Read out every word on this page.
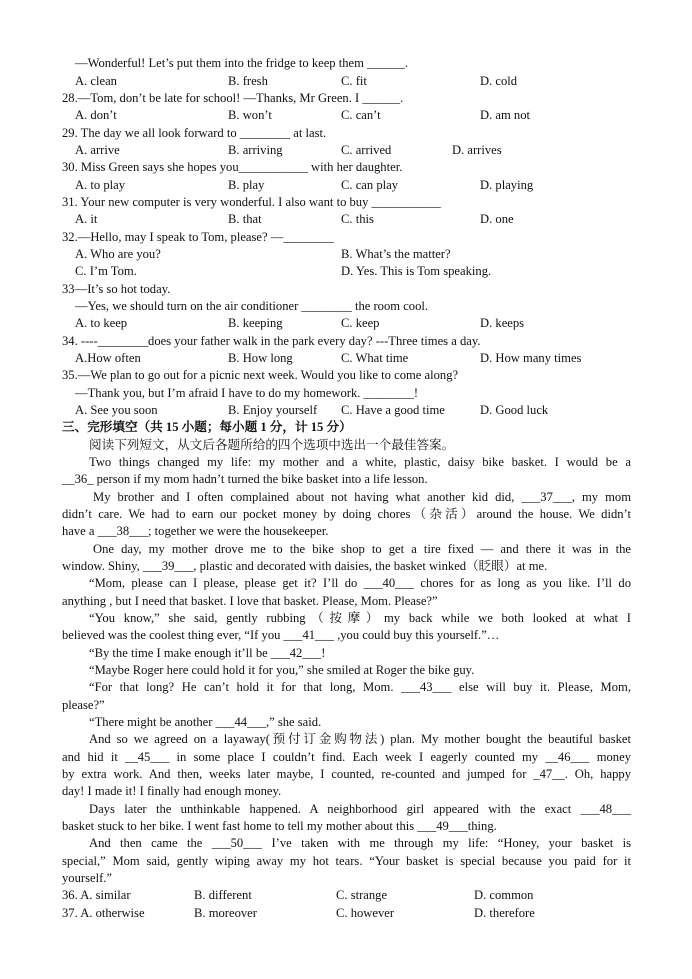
—Wonderful! Let’s put them into the fridge to keep them ______.
A. clean	B. fresh	C. fit	D. cold
28.—Tom, don’t be late for school! —Thanks, Mr Green. I ______.
A. don’t	B. won’t	C. can’t	D. am not
29. The day we all look forward to ________ at last.
A. arrive	B. arriving	C. arrived	D. arrives
30. Miss Green says she hopes you___________ with her daughter.
A. to play	B. play	C. can play	D. playing
31. Your new computer is very wonderful. I also want to buy ___________
A. it	B. that	C. this	D. one
32.—Hello, may I speak to Tom, please? —________
A. Who are you?	B. What’s the matter?
C. I’m Tom.	D. Yes. This is Tom speaking.
33—It’s so hot today.
—Yes, we should turn on the air conditioner ________ the room cool.
A. to keep	B. keeping	C. keep	D. keeps
34. ----________does your father walk in the park every day? ---Three times a day.
A.How often	B. How long	C. What time	D. How many times
35.—We plan to go out for a picnic next week. Would you like to come along?
—Thank you, but I’m afraid I have to do my homework. ________!
A. See you soon	B. Enjoy yourself C. Have a good time	D. Good luck
三、完形填空（共 15 小题；每小题 1 分，计 15 分）
阅读下列短文，从文后各题所给的四个选项中选出一个最佳答案。
Two things changed my life: my mother and a white, plastic, daisy bike basket. I would be a
__36_ person if my mom hadn’t turned the bike basket into a life lesson.
My brother and I often complained about not having what another kid did, ___37___, my mom
didn’t care. We had to earn our pocket money by doing chores（杂活）around the house. We didn’t
have a ___38___; together we were the housekeeper.
One day, my mother drove me to the bike shop to get a tire fixed — and there it was in the
window. Shiny, ___39___, plastic and decorated with daisies, the basket winked（眨眼）at me.
“Mom, please can I please, please get it? I’ll do ___40___ chores for as long as you like. I’ll do
anything , but I need that basket. I love that basket. Please, Mom. Please?”
“You know,” she said, gently rubbing（按摩）my back while we both looked at what I
believed was the coolest thing ever, “If you ___41___ ,you could buy this yourself.”…
“By the time I make enough it’ll be ___42___!
“Maybe Roger here could hold it for you,” she smiled at Roger the bike guy.
“For that long? He can’t hold it for that long, Mom. ___43___ else will buy it. Please, Mom,
please?”
“There might be another ___44___,” she said.
And so we agreed on a layaway(预付订金购物法) plan. My mother bought the beautiful basket
and hid it __45___ in some place I couldn’t find. Each week I eagerly counted my __46___ money
by extra work. And then, weeks later maybe, I counted, re-counted and jumped for _47__. Oh, happy
day! I made it! I finally had enough money.
Days later the unthinkable happened. A neighborhood girl appeared with the exact ___48___
basket stuck to her bike. I went fast home to tell my mother about this ___49___thing.
And then came the ___50___ I’ve taken with me through my life: “Honey, your basket is
special,” Mom said, gently wiping away my hot tears. “Your basket is special because you paid for it
yourself.”
36. A. similar	B. different	C. strange	D. common
37. A. otherwise	B. moreover	C. however	D. therefore
